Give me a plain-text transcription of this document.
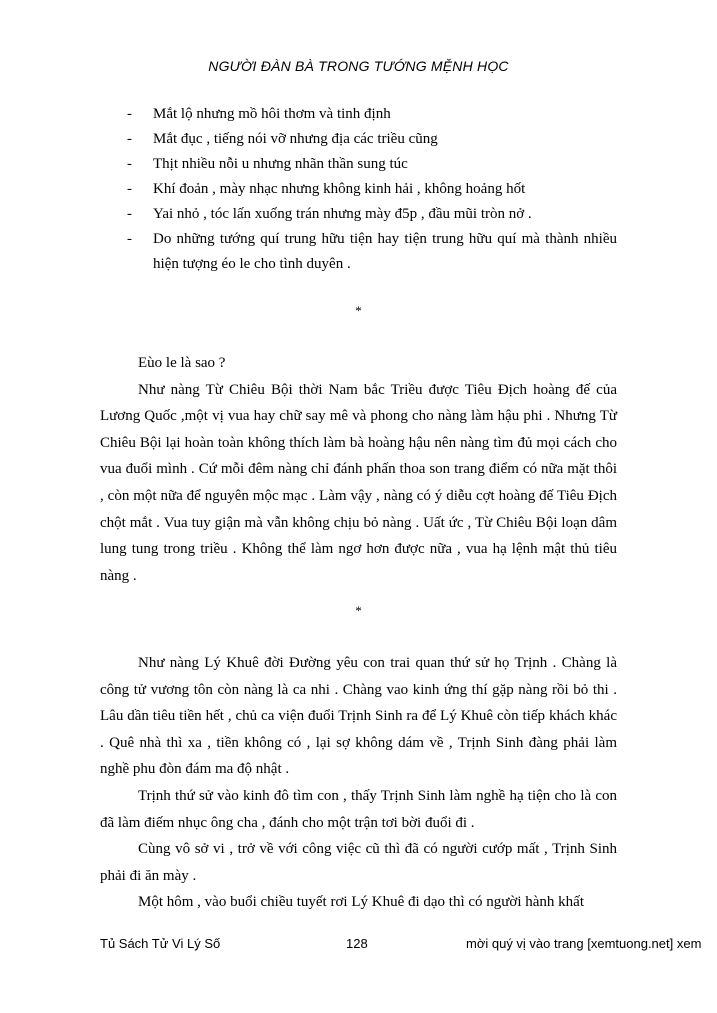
NGƯỜI ĐÀN BÀ TRONG TƯỚNG MỆNH HỌC
- Mắt lộ nhưng mồ hôi thơm và tinh định
- Mắt đục , tiếng nói vỡ nhưng địa các triều cũng
- Thịt nhiều nỗi u nhưng nhãn thần sung túc
- Khí đoản , mày nhạc nhưng không kinh hải , không hoảng hốt
- Yai nhỏ , tóc lấn xuống trán nhưng mày đ5p , đầu mũi tròn nở .
- Do những tướng quí trung hữu tiện hay tiện trung hữu quí mà thành nhiều hiện tượng éo le cho tình duyên .
*

Eùo le là sao ?

Như nàng Từ Chiêu Bội thời Nam bắc Triều được Tiêu Địch hoàng đế của Lương Quốc ,một vị vua hay chữ say mê và phong cho nàng làm hậu phi . Nhưng Từ Chiêu Bội lại hoàn toàn không thích làm bà hoàng hậu nên nàng tìm đủ mọi cách cho vua đuổi mình . Cứ mỗi đêm nàng chỉ đánh phấn thoa son trang điểm có nữa mặt thôi , còn một nữa để nguyên mộc mạc . Làm vậy , nàng có ý diễu cợt hoàng đế Tiêu Địch chột mắt . Vua tuy giận mà vẫn không chịu bỏ nàng . Uất ức , Từ Chiêu Bội loạn dâm lung tung trong triều . Không thể làm ngơ hơn được nữa , vua hạ lệnh mật thủ tiêu nàng .

*

Như nàng Lý Khuê đời Đường yêu con trai quan thứ sử họ Trịnh . Chàng là công tử vương tôn còn nàng là ca nhi . Chàng vao kinh ứng thí gặp nàng rồi bỏ thi . Lâu dần tiêu tiền hết , chủ ca viện đuổi Trịnh Sinh ra để Lý Khuê còn tiếp khách khác . Quê nhà thì xa , tiền không có , lại sợ không dám về , Trịnh Sinh đàng phải làm nghề phu đòn đám ma độ nhật .

Trịnh thứ sử vào kinh đô tìm con , thấy Trịnh Sinh làm nghề hạ tiện cho là con đã làm điếm nhục ông cha , đánh cho một trận tơi bời đuổi đi .

Cùng vô sở vi , trở về với công việc cũ thì đã có người cướp mất , Trịnh Sinh phải đi ăn mày .

Một hôm , vào buổi chiều tuyết rơi Lý Khuê đi dạo thì có người hành khất

Tủ Sách Tử Vi Lý Số	128	mời quý vị vào trang [xemtuong.net] xem
